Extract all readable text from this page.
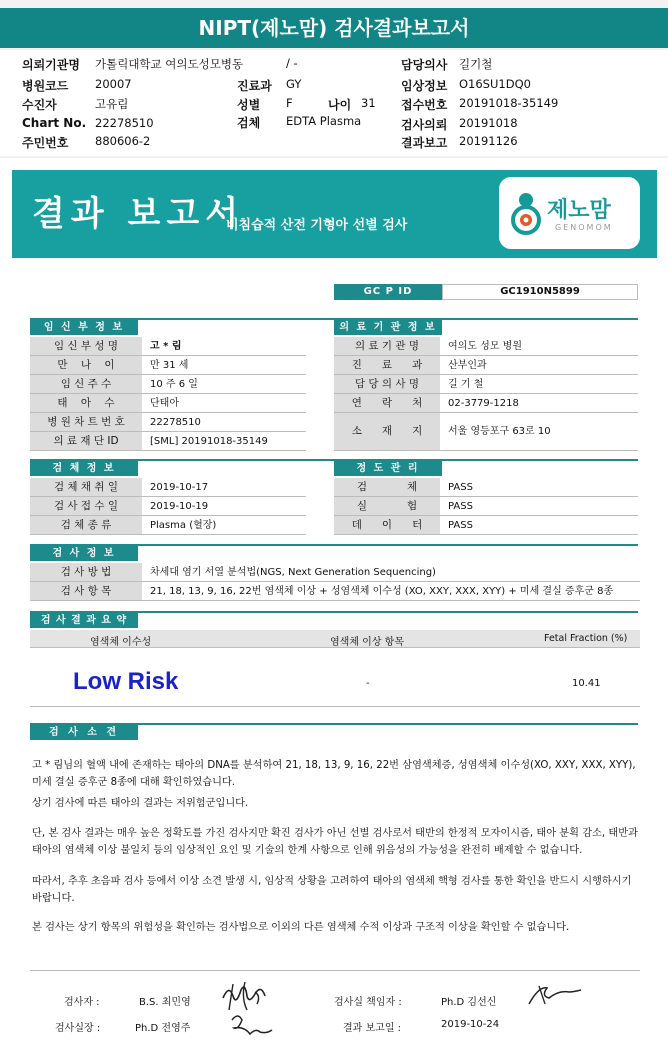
NIPT(제노맘) 검사결과보고서
의뢰기관명 가톨릭대학교 여의도성모병동	/ -	담당의사 길기철
병원코드 20007	진료과 GY	임상정보 O16SU1DQ0
수진자	고유림	성별 F	나이 31 접수번호 20191018-35149
Chart No. 22278510	검체 EDTA Plasma	검사의뢰 20191018
주민번호 880606-2	결과보고 20191126
결과 보고서
비침습적 산전 기형아 선별 검사
제노맘
GENOMOM
GC P ID	GC1910N5899
임 신 부 정 보
임 신 부 성 명	고 * 림
만    나    이	만 31 세
임 신 주 수	10 주 6 일
태    아    수	단태아
병 원 차 트 번 호	22278510
의 료 재 단 ID	[SML] 20191018-35149
의 료 기 관 정 보
의 료 기 관 명	여의도 성모 병원
진      료      과	산부인과
담 당 의 사 명	길 기 철
연      락      처	02-3779-1218
소      재      지	서울 영등포구 63로 10
검 체 정 보
검 체 채 취 일	2019-10-17
검 사 접 수 일	2019-10-19
검 체 종 류	Plasma (혈장)
정 도 관 리
검            체	PASS
실            험	PASS
데      이      터	PASS
검 사 정 보
검 사 방 법	차세대 염기 서열 분석법(NGS, Next Generation Sequencing)
검 사 항 목	21, 18, 13, 9, 16, 22번 염색체 이상 + 성염색체 이수성 (XO, XXY, XXX, XYY) + 미세 결실 증후군 8종
검 사 결 과 요 약
염색체 이수성	염색체 이상 항목	Fetal Fraction (%)
Low Risk	-	10.41
검 사 소 견
고 * 림님의 혈액 내에 존재하는 태아의 DNA를 분석하여 21, 18, 13, 9, 16, 22번 삼염색체증, 성염색체 이수성(XO, XXY, XXX, XYY), 미세 결실 증후군 8종에 대해 확인하였습니다.
상기 검사에 따른 태아의 결과는 저위험군입니다.
단, 본 검사 결과는 매우 높은 정확도를 가진 검사지만 확진 검사가 아닌 선별 검사로서 태반의 한정적 모자이시즘, 태아 분획 감소, 태반과 태아의 염색체 이상 불일치 등의 임상적인 요인 및 기술의 한계 사항으로 인해 위음성의 가능성을 완전히 배제할 수 없습니다.
따라서, 추후 초음파 검사 등에서 이상 소견 발생 시, 임상적 상황을 고려하여 태아의 염색체 핵형 검사를 통한 확인을 반드시 시행하시기 바랍니다.
본 검사는 상기 항목의 위험성을 확인하는 검사법으로 이외의 다른 염색체 수적 이상과 구조적 이상을 확인할 수 없습니다.
검사자 :	B.S. 최민영	검사실 책임자 :	Ph.D 김선신
검사실장 :	Ph.D 전영주	결과 보고일 :	2019-10-24
